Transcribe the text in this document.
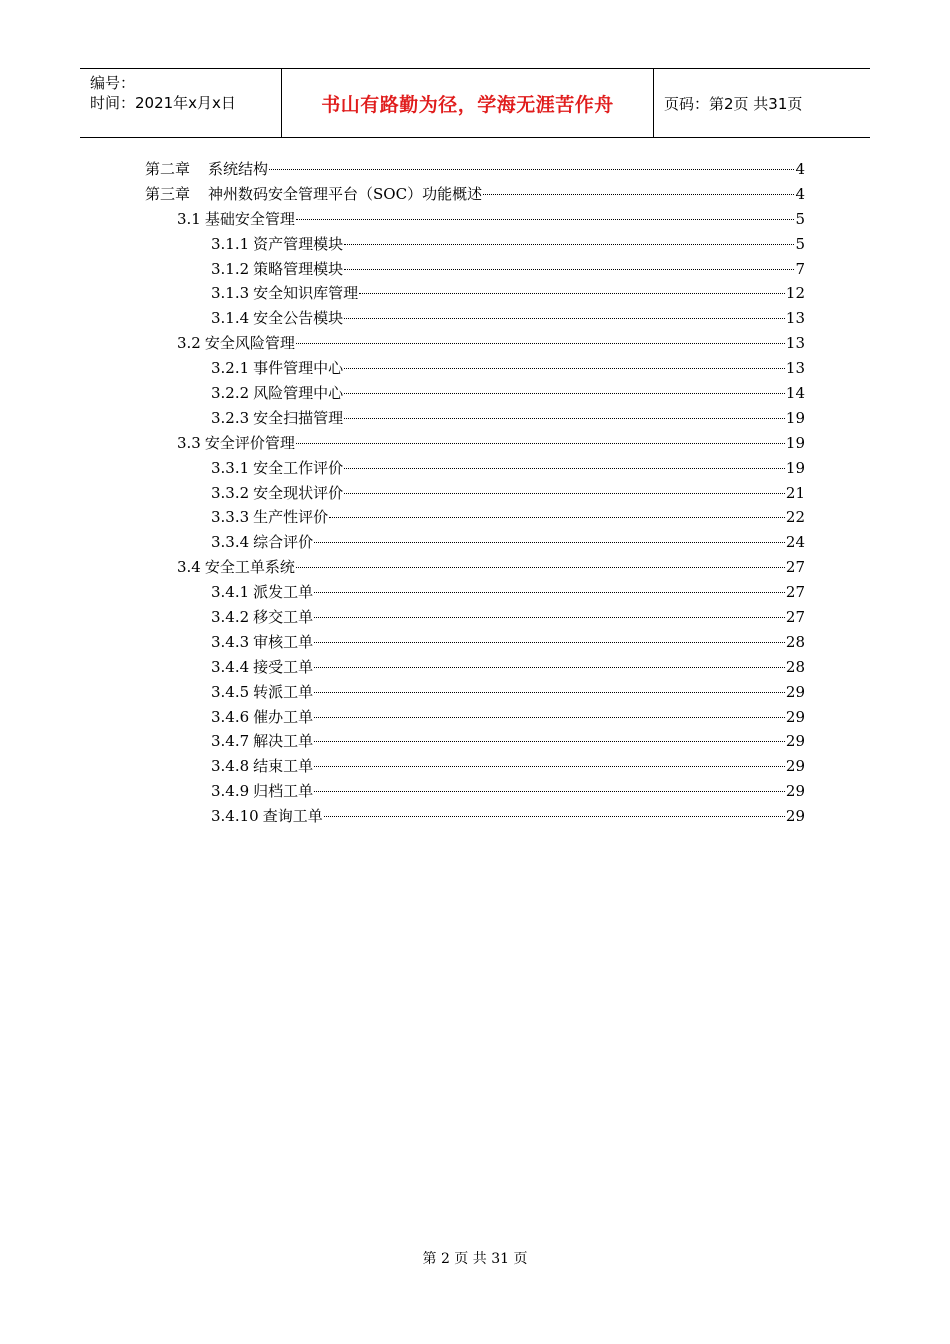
编号：
时间：2021年x月x日	书山有路勤为径，学海无涯苦作舟	页码：第2页 共31页
第二章 系统结构	4
第三章 神州数码安全管理平台（SOC）功能概述	4
3.1 基础安全管理	5
3.1.1 资产管理模块	5
3.1.2 策略管理模块	7
3.1.3 安全知识库管理	12
3.1.4 安全公告模块	13
3.2 安全风险管理	13
3.2.1 事件管理中心	13
3.2.2 风险管理中心	14
3.2.3 安全扫描管理	19
3.3 安全评价管理	19
3.3.1 安全工作评价	19
3.3.2 安全现状评价	21
3.3.3 生产性评价	22
3.3.4 综合评价	24
3.4 安全工单系统	27
3.4.1 派发工单	27
3.4.2 移交工单	27
3.4.3 审核工单	28
3.4.4 接受工单	28
3.4.5 转派工单	29
3.4.6 催办工单	29
3.4.7 解决工单	29
3.4.8 结束工单	29
3.4.9 归档工单	29
3.4.10 查询工单	29
第 2 页 共 31 页
